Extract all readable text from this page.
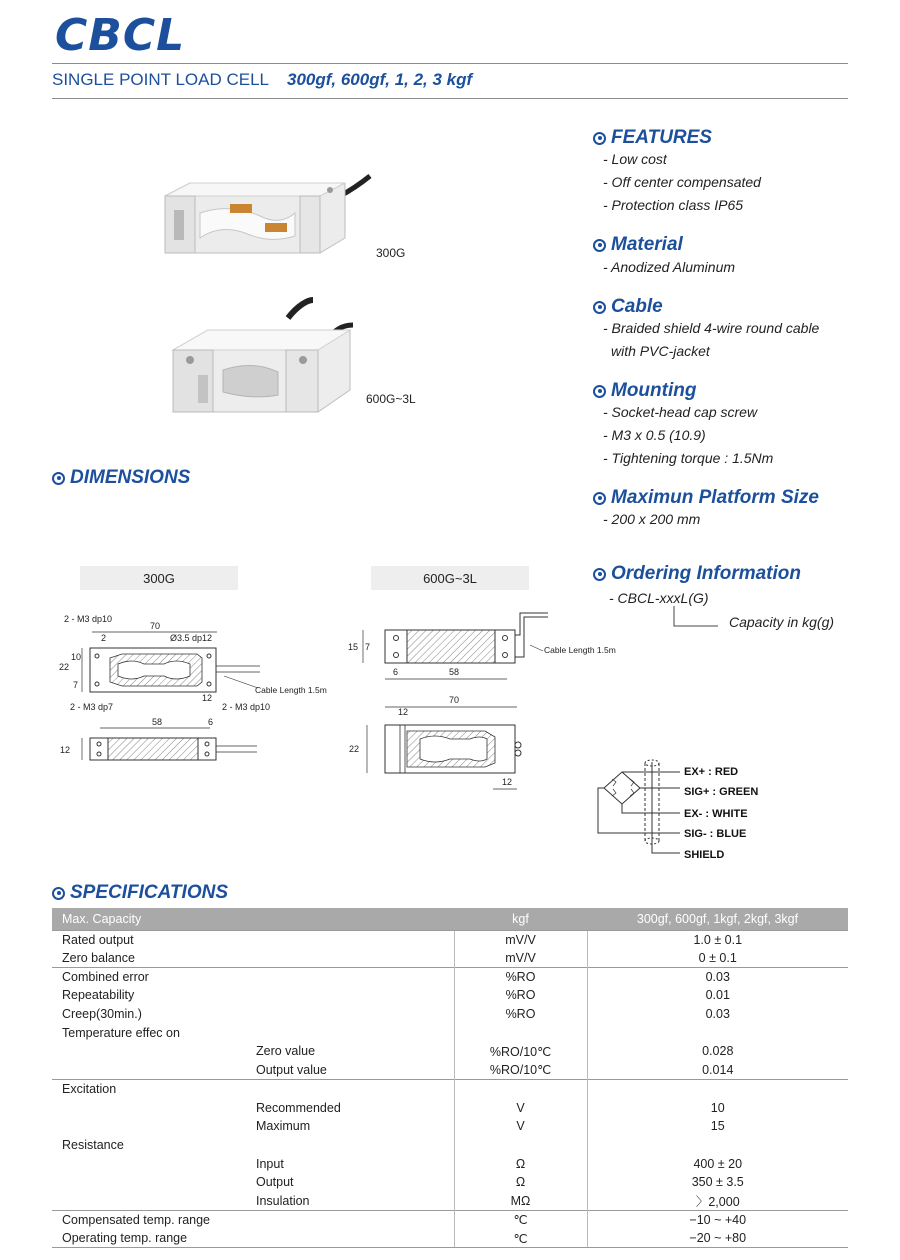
CBCL
SINGLE POINT LOAD CELL 300gf, 600gf, 1, 2, 3 kgf
300G
600G~3L
FEATURES
- Low cost
- Off center compensated
- Protection class IP65
Material
- Anodized Aluminum
Cable
- Braided shield 4-wire round cable
with PVC-jacket
Mounting
- Socket-head cap screw
- M3 x 0.5 (10.9)
- Tightening torque : 1.5Nm
Maximun Platform Size
- 200 x 200 mm
Ordering Information
- CBCL-xxxL(G)
Capacity in kg(g)
DIMENSIONS
300G	600G~3L
2 - M3 dp10
70
2	Ø3.5 dp12
22
10
7
12
Cable Length 1.5m
2 - M3 dp7	2 - M3 dp10
58	6
12
Cable Length 1.5m
15 7
6	58
70
12
22
12
EX+ : RED
SIG+ : GREEN
EX- : WHITE
SIG- : BLUE
SHIELD
SPECIFICATIONS
Max. Capacity	kgf	300gf, 600gf, 1kgf, 2kgf, 3kgf
Rated output	mV/V	1.0 ± 0.1
Zero balance	mV/V	0 ± 0.1
Combined error	%RO	0.03
Repeatability	%RO	0.01
Creep(30min.)	%RO	0.03
Temperature effec on		
Zero value	%RO/10℃	0.028
Output value	%RO/10℃	0.014
Excitation		
Recommended	V	10
Maximum	V	15
Resistance		
Input	Ω	400 ± 20
Output	Ω	350 ± 3.5
Insulation	MΩ	〉2,000
Compensated temp. range	℃	−10 ~ +40
Operating temp. range	℃	−20 ~ +80
